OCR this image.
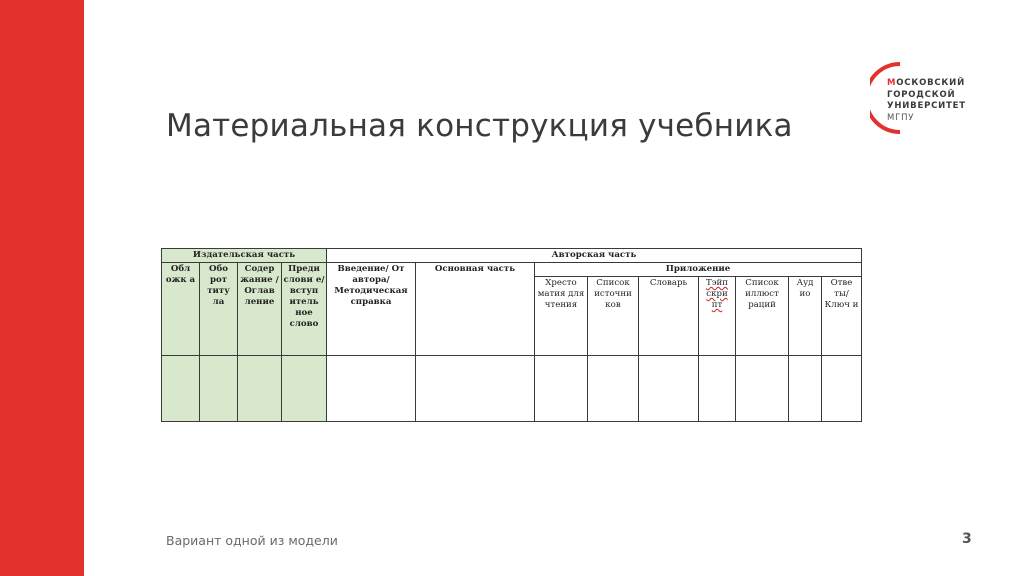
Материальная конструкция учебника
МОСКОВСКИЙ
ГОРОДСКОЙ
УНИВЕРСИТЕТ
МГПУ
Издательская часть				Авторская часть								
Обл ожк а	Обо рот титу ла	Содер жание / Оглав ление	Преди слови е/ вступ итель ное слово	Введение/ От автора/ Методическая справка	Основная часть	Приложение						
						Хресто матия для чтения	Список источни ков	Словарь	Тэйп скри пт	Список иллюст раций	Ауд ио	Отве ты/ Ключ и

Вариант одной из модели	3
